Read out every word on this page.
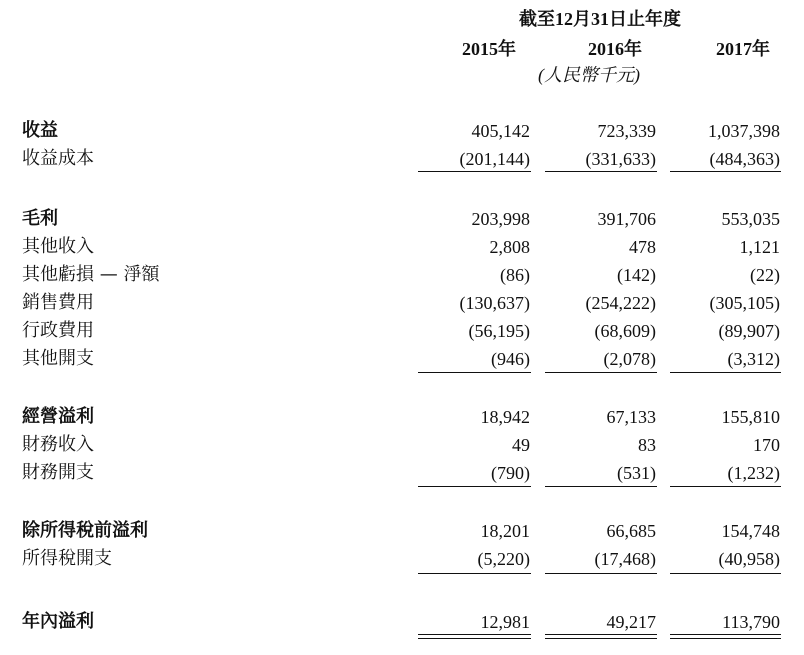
截至12月31日止年度
2015年	2016年	2017年
(人民幣千元)
收益	405,142	723,339	1,037,398
收益成本	(201,144)	(331,633)	(484,363)
毛利	203,998	391,706	553,035
其他收入	2,808	478	1,121
其他虧損 — 淨額	(86)	(142)	(22)
銷售費用	(130,637)	(254,222)	(305,105)
行政費用	(56,195)	(68,609)	(89,907)
其他開支	(946)	(2,078)	(3,312)
經營溢利	18,942	67,133	155,810
財務收入	49	83	170
財務開支	(790)	(531)	(1,232)
除所得稅前溢利	18,201	66,685	154,748
所得稅開支	(5,220)	(17,468)	(40,958)
年內溢利	12,981	49,217	113,790
